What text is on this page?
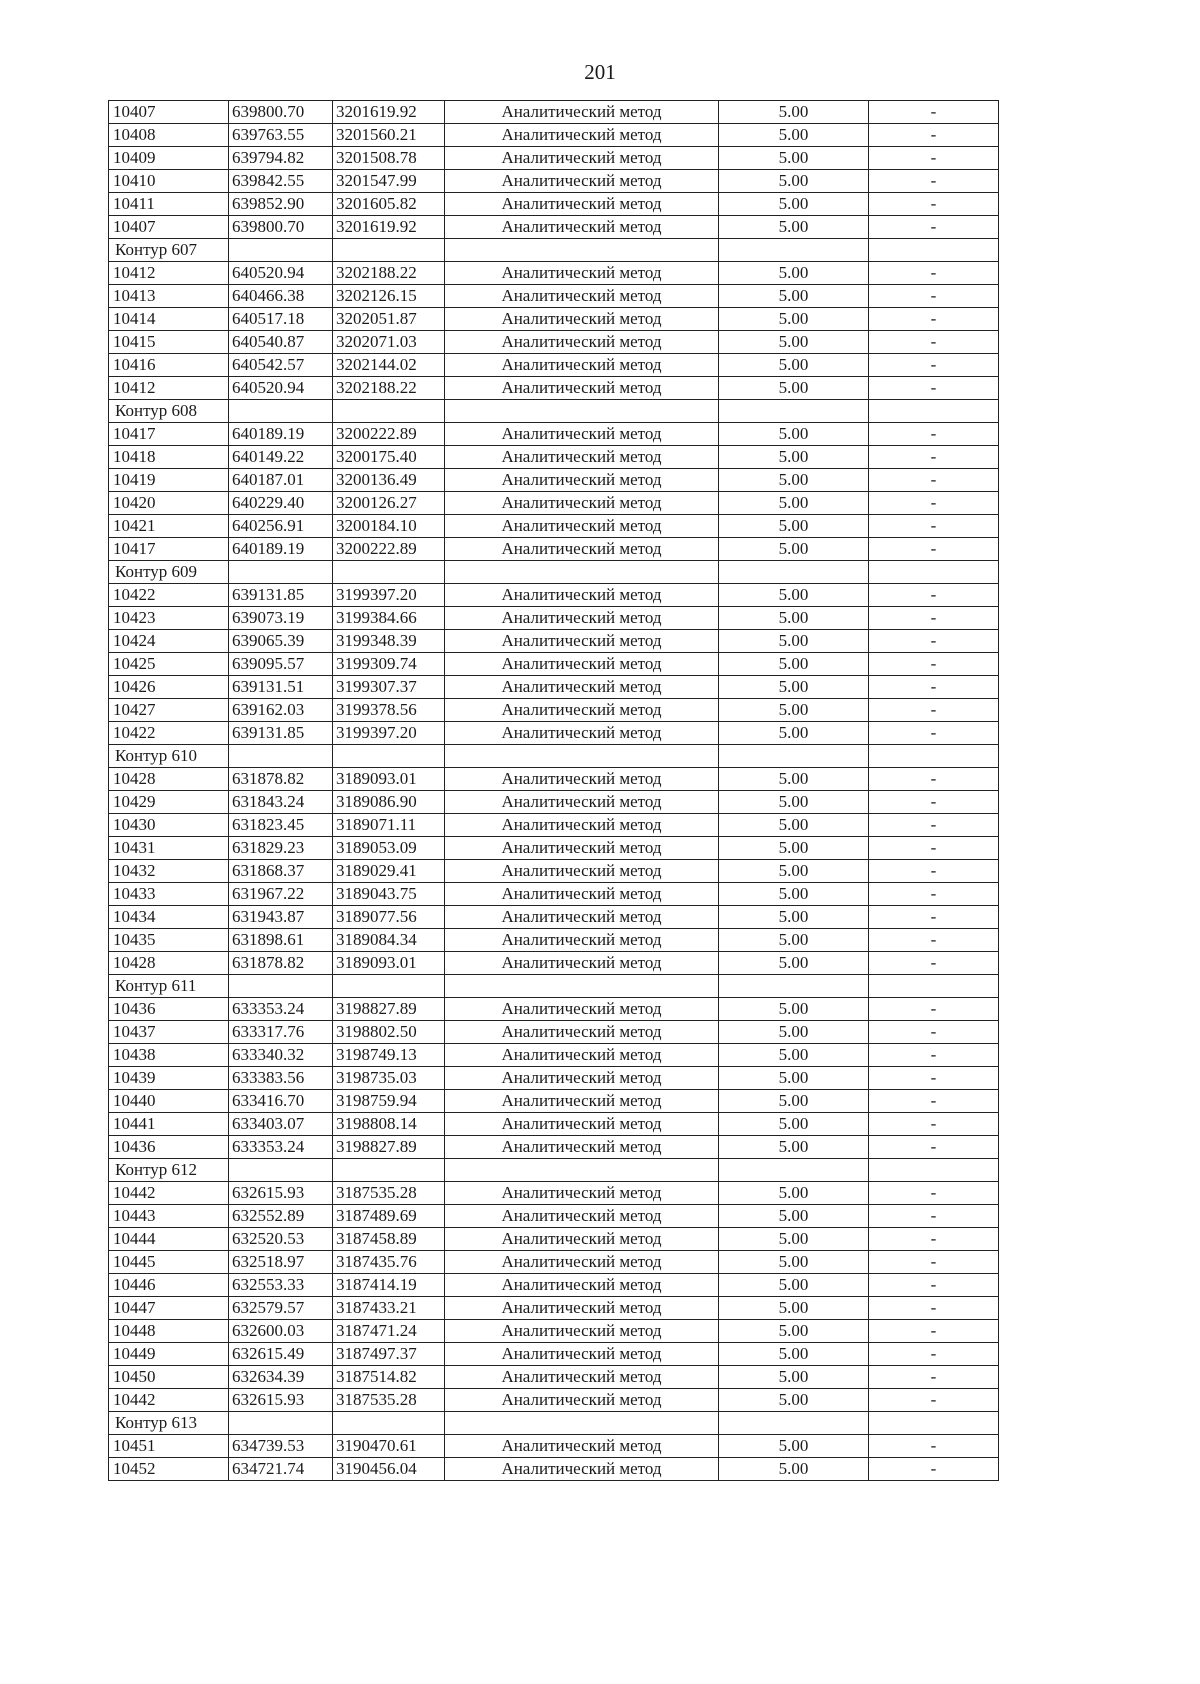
201
10407	639800.70	3201619.92	Аналитический метод	5.00	-
10408	639763.55	3201560.21	Аналитический метод	5.00	-
10409	639794.82	3201508.78	Аналитический метод	5.00	-
10410	639842.55	3201547.99	Аналитический метод	5.00	-
10411	639852.90	3201605.82	Аналитический метод	5.00	-
10407	639800.70	3201619.92	Аналитический метод	5.00	-
Контур 607					
10412	640520.94	3202188.22	Аналитический метод	5.00	-
10413	640466.38	3202126.15	Аналитический метод	5.00	-
10414	640517.18	3202051.87	Аналитический метод	5.00	-
10415	640540.87	3202071.03	Аналитический метод	5.00	-
10416	640542.57	3202144.02	Аналитический метод	5.00	-
10412	640520.94	3202188.22	Аналитический метод	5.00	-
Контур 608					
10417	640189.19	3200222.89	Аналитический метод	5.00	-
10418	640149.22	3200175.40	Аналитический метод	5.00	-
10419	640187.01	3200136.49	Аналитический метод	5.00	-
10420	640229.40	3200126.27	Аналитический метод	5.00	-
10421	640256.91	3200184.10	Аналитический метод	5.00	-
10417	640189.19	3200222.89	Аналитический метод	5.00	-
Контур 609					
10422	639131.85	3199397.20	Аналитический метод	5.00	-
10423	639073.19	3199384.66	Аналитический метод	5.00	-
10424	639065.39	3199348.39	Аналитический метод	5.00	-
10425	639095.57	3199309.74	Аналитический метод	5.00	-
10426	639131.51	3199307.37	Аналитический метод	5.00	-
10427	639162.03	3199378.56	Аналитический метод	5.00	-
10422	639131.85	3199397.20	Аналитический метод	5.00	-
Контур 610					
10428	631878.82	3189093.01	Аналитический метод	5.00	-
10429	631843.24	3189086.90	Аналитический метод	5.00	-
10430	631823.45	3189071.11	Аналитический метод	5.00	-
10431	631829.23	3189053.09	Аналитический метод	5.00	-
10432	631868.37	3189029.41	Аналитический метод	5.00	-
10433	631967.22	3189043.75	Аналитический метод	5.00	-
10434	631943.87	3189077.56	Аналитический метод	5.00	-
10435	631898.61	3189084.34	Аналитический метод	5.00	-
10428	631878.82	3189093.01	Аналитический метод	5.00	-
Контур 611					
10436	633353.24	3198827.89	Аналитический метод	5.00	-
10437	633317.76	3198802.50	Аналитический метод	5.00	-
10438	633340.32	3198749.13	Аналитический метод	5.00	-
10439	633383.56	3198735.03	Аналитический метод	5.00	-
10440	633416.70	3198759.94	Аналитический метод	5.00	-
10441	633403.07	3198808.14	Аналитический метод	5.00	-
10436	633353.24	3198827.89	Аналитический метод	5.00	-
Контур 612					
10442	632615.93	3187535.28	Аналитический метод	5.00	-
10443	632552.89	3187489.69	Аналитический метод	5.00	-
10444	632520.53	3187458.89	Аналитический метод	5.00	-
10445	632518.97	3187435.76	Аналитический метод	5.00	-
10446	632553.33	3187414.19	Аналитический метод	5.00	-
10447	632579.57	3187433.21	Аналитический метод	5.00	-
10448	632600.03	3187471.24	Аналитический метод	5.00	-
10449	632615.49	3187497.37	Аналитический метод	5.00	-
10450	632634.39	3187514.82	Аналитический метод	5.00	-
10442	632615.93	3187535.28	Аналитический метод	5.00	-
Контур 613					
10451	634739.53	3190470.61	Аналитический метод	5.00	-
10452	634721.74	3190456.04	Аналитический метод	5.00	-
